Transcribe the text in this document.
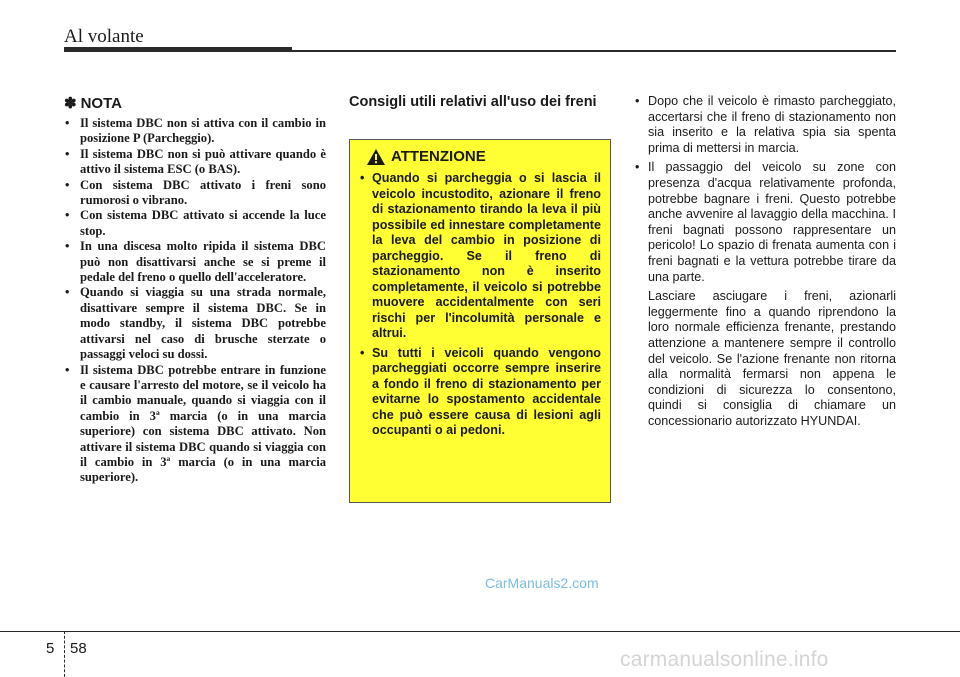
Al volante
✽ NOTA
• Il sistema DBC non si attiva con il cambio in posizione P (Parcheggio).
• Il sistema DBC non si può attivare quando è attivo il sistema ESC (o BAS).
• Con sistema DBC attivato i freni sono rumorosi o vibrano.
• Con sistema DBC attivato si accende la luce stop.
• In una discesa molto ripida il sistema DBC può non disattivarsi anche se si preme il pedale del freno o quello dell'acceleratore.
• Quando si viaggia su una strada normale, disattivare sempre il sistema DBC. Se in modo standby, il sistema DBC potrebbe attivarsi nel caso di brusche sterzate o passaggi veloci su dossi.
• Il sistema DBC potrebbe entrare in funzione e causare l'arresto del motore, se il veicolo ha il cambio manuale, quando si viaggia con il cambio in 3ª marcia (o in una marcia superiore) con sistema DBC attivato. Non attivare il sistema DBC quando si viaggia con il cambio in 3ª marcia (o in una marcia superiore).
Consigli utili relativi all'uso dei freni
ATTENZIONE
• Quando si parcheggia o si lascia il veicolo incustodito, azionare il freno di stazionamento tirando la leva il più possibile ed innestare completamente la leva del cambio in posizione di parcheggio. Se il freno di stazionamento non è inserito completamente, il veicolo si potrebbe muovere accidentalmente con seri rischi per l'incolumità personale e altrui.
• Su tutti i veicoli quando vengono parcheggiati occorre sempre inserire a fondo il freno di stazionamento per evitarne lo spostamento accidentale che può essere causa di lesioni agli occupanti o ai pedoni.
• Dopo che il veicolo è rimasto parcheggiato, accertarsi che il freno di stazionamento non sia inserito e la relativa spia sia spenta prima di mettersi in marcia.
• Il passaggio del veicolo su zone con presenza d'acqua relativamente profonda, potrebbe bagnare i freni. Questo potrebbe anche avvenire al lavaggio della macchina. I freni bagnati possono rappresentare un pericolo! Lo spazio di frenata aumenta con i freni bagnati e la vettura potrebbe tirare da una parte.

Lasciare asciugare i freni, azionarli leggermente fino a quando riprendono la loro normale efficienza frenante, prestando attenzione a mantenere sempre il controllo del veicolo. Se l'azione frenante non ritorna alla normalità fermarsi non appena le condizioni di sicurezza lo consentono, quindi si consiglia di chiamare un concessionario autorizzato HYUNDAI.

CarManuals2.com
5 58	carmanualsonline.info
